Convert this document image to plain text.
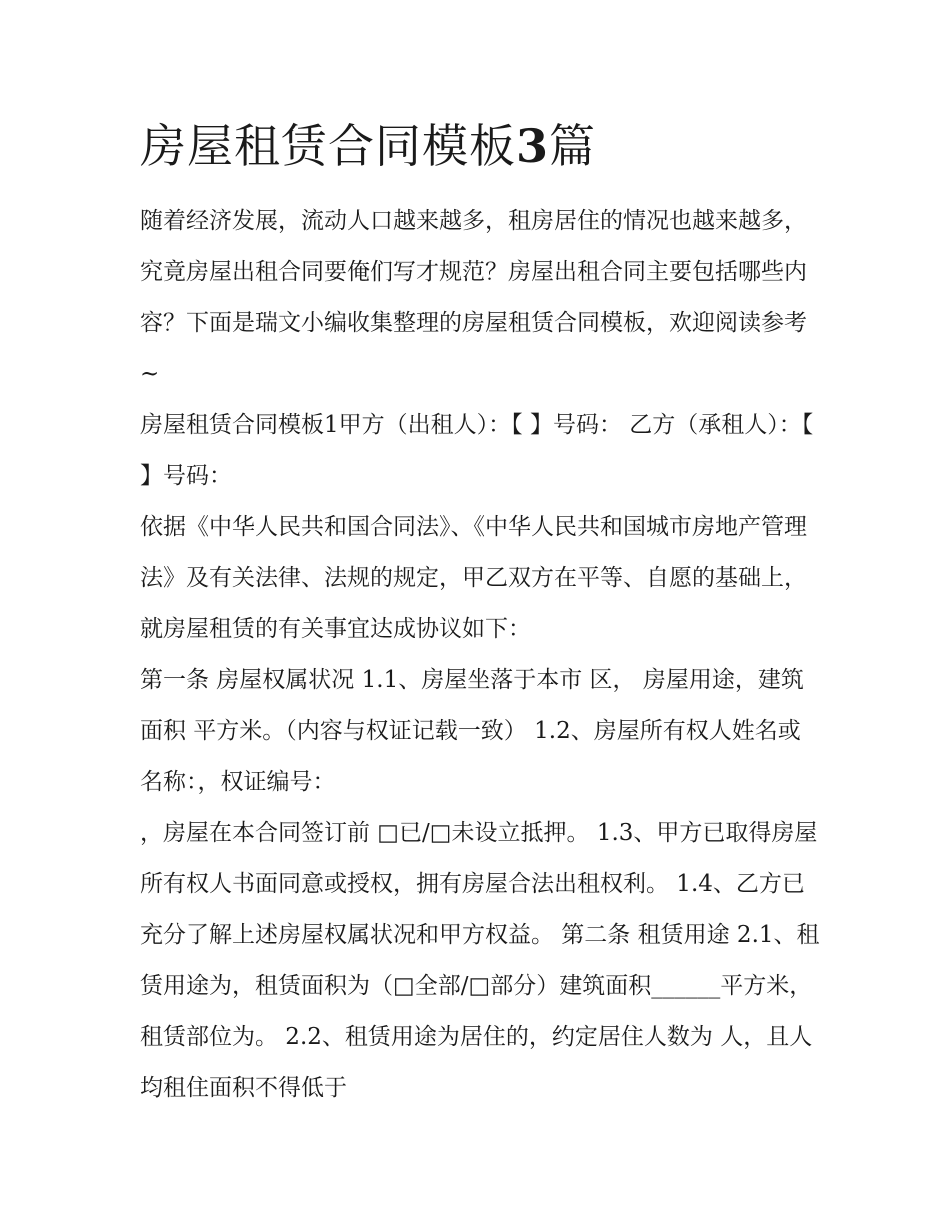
房屋租赁合同模板3篇

随着经济发展，流动人口越来越多，租房居住的情况也越来越多，究竟房屋出租合同要俺们写才规范？房屋出租合同主要包括哪些内容？下面是瑞文小编收集整理的房屋租赁合同模板，欢迎阅读参考~

房屋租赁合同模板1甲方（出租人）：【 】号码： 乙方（承租人）：【 】号码：

依据《中华人民共和国合同法》、《中华人民共和国城市房地产管理法》及有关法律、法规的规定，甲乙双方在平等、自愿的基础上，就房屋租赁的有关事宜达成协议如下：

第一条 房屋权属状况 1.1、房屋坐落于本市 区， 房屋用途，建筑面积 平方米。（内容与权证记载一致） 1.2、房屋所有权人姓名或名称：，权证编号：

，房屋在本合同签订前 □已/□未设立抵押。 1.3、甲方已取得房屋所有权人书面同意或授权，拥有房屋合法出租权利。 1.4、乙方已充分了解上述房屋权属状况和甲方权益。 第二条 租赁用途 2.1、租赁用途为，租赁面积为（□全部/□部分）建筑面积______平方米，租赁部位为。 2.2、租赁用途为居住的，约定居住人数为 人，且人均租住面积不得低于
